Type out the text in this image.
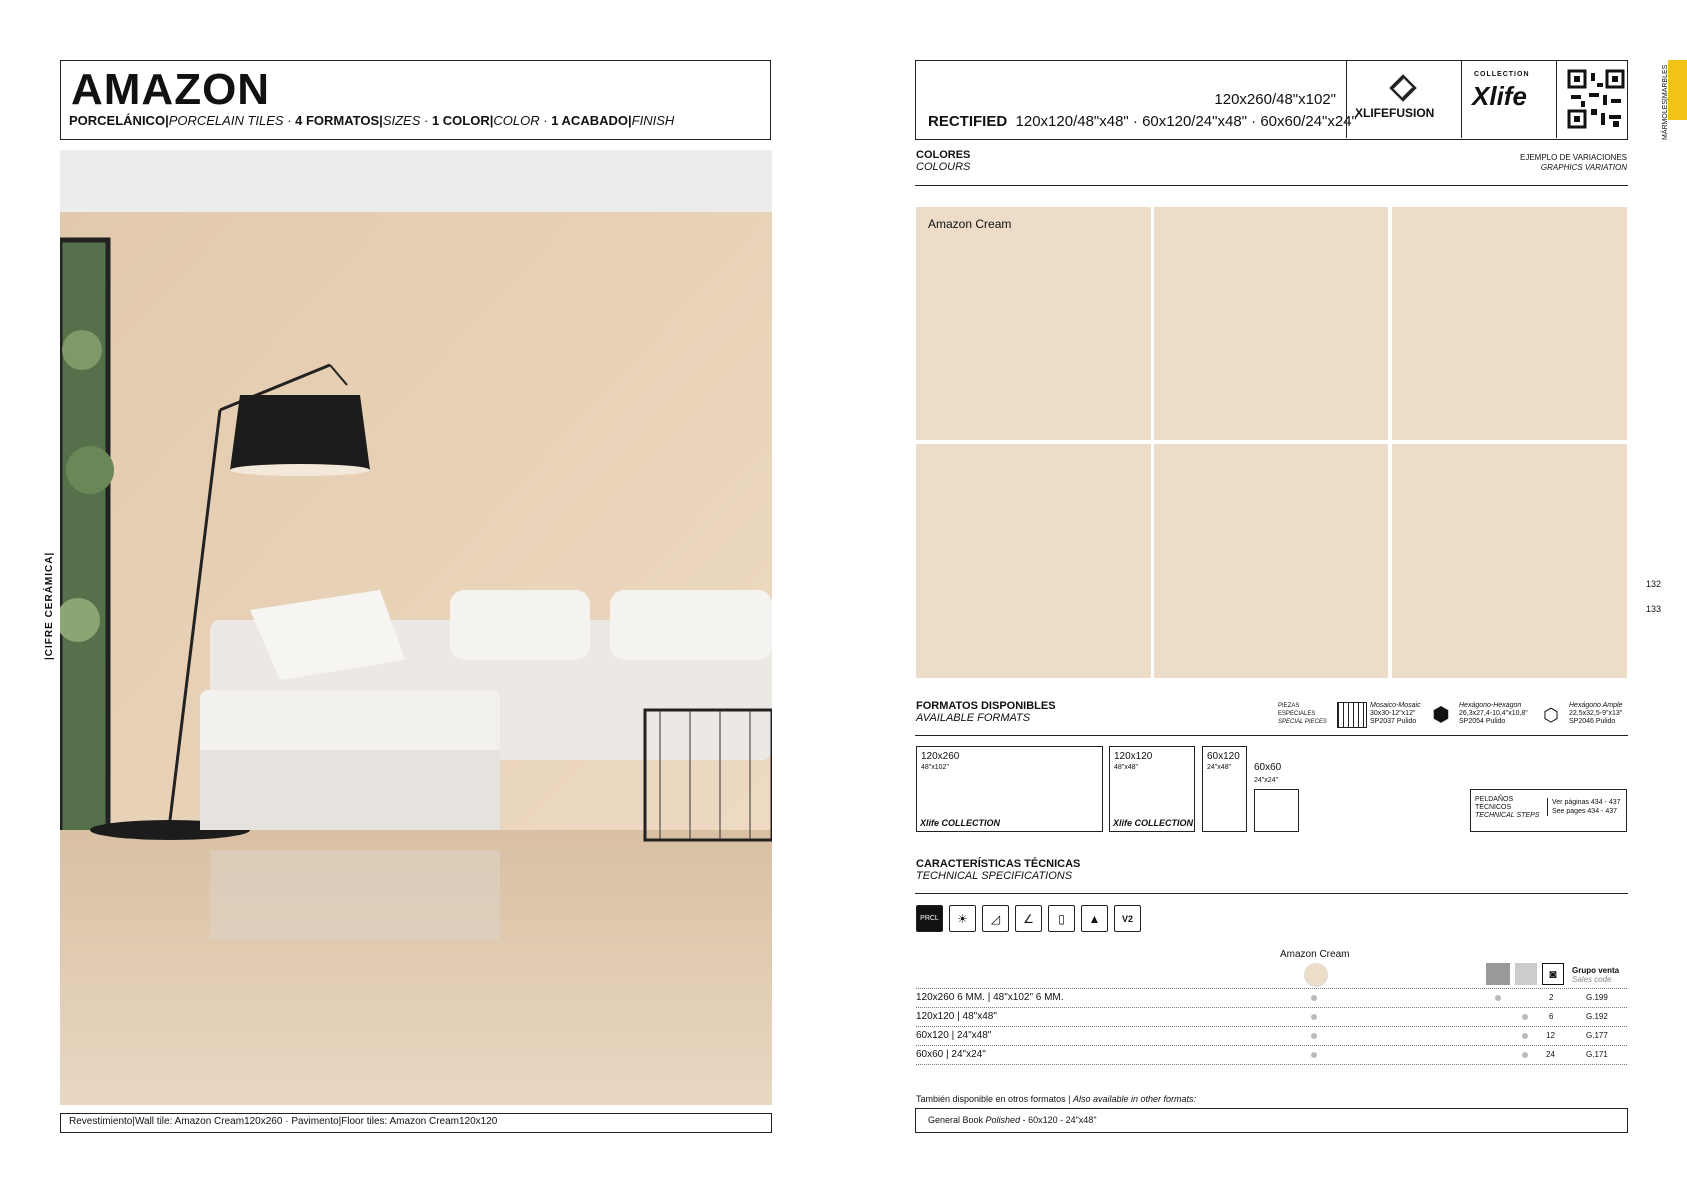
|CIFRE CERÁMICA|
AMAZON
PORCELÁNICO|PORCELAIN TILES · 4 FORMATOS|SIZES · 1 COLOR|COLOR · 1 ACABADO|FINISH
Revestimiento|Wall tile: Amazon Cream120x260 · Pavimento|Floor tiles: Amazon Cream120x120
120x260/48"x102"
RECTIFIED 120x120/48"x48" · 60x120/24"x48" · 60x60/24"x24"
XLIFEFUSION
COLLECTION
Xlife	MÁRMOLES|MARBLES
COLORES
COLOURS
EJEMPLO DE VARIACIONES
GRAPHICS VARIATION
Amazon Cream
132
133
FORMATOS DISPONIBLES
AVAILABLE FORMATS
PIEZAS
ESPECIALES
SPECIAL PIECES
Mosaico-Mosaic
30x30-12"x12"
SP2037 Pulido ⬢	Hexágono-Hexagon
26,3x27,4-10,4"x10,8"
SP2054 Pulido	⬡	Hexágono Ample
22,5x32,5-9"x13"
SP2046 Pulido
120x260
48"x102"
Xlife COLLECTION
120x120
48"x48"
Xlife COLLECTION
60x120
24"x48" 60x60
24"x24"
PELDAÑOS
TÉCNICOS
TECHNICAL STEPS
Ver páginas 434 - 437
See pages 434 - 437
CARACTERÍSTICAS TÉCNICAS
TECHNICAL SPECIFICATIONS
PRCL	☀	◿	∠	▯	▲	V2
Amazon Cream
◙	Grupo venta
Sales code
120x260 6 MM. | 48"x102" 6 MM.	2	G.199
120x120 | 48"x48"	6	G.192
60x120 | 24"x48"	12	G.177
60x60 | 24"x24"	24	G.171
También disponible en otros formatos | Also available in other formats:
General Book Polished - 60x120 - 24"x48"
